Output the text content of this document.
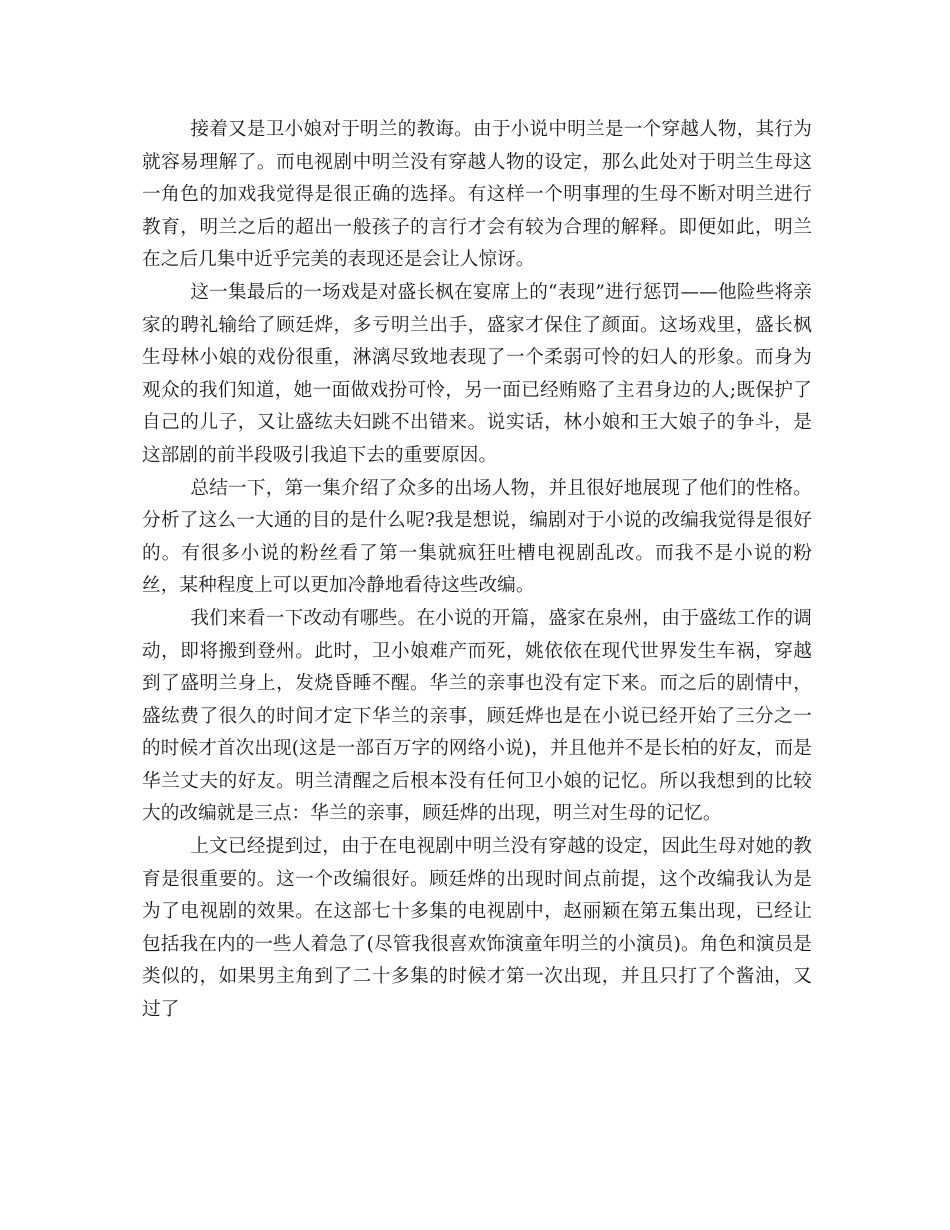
接着又是卫小娘对于明兰的教诲。由于小说中明兰是一个穿越人物，其行为就容易理解了。而电视剧中明兰没有穿越人物的设定，那么此处对于明兰生母这一角色的加戏我觉得是很正确的选择。有这样一个明事理的生母不断对明兰进行教育，明兰之后的超出一般孩子的言行才会有较为合理的解释。即便如此，明兰在之后几集中近乎完美的表现还是会让人惊讶。

这一集最后的一场戏是对盛长枫在宴席上的“表现”进行惩罚——他险些将亲家的聘礼输给了顾廷烨，多亏明兰出手，盛家才保住了颜面。这场戏里，盛长枫生母林小娘的戏份很重，淋漓尽致地表现了一个柔弱可怜的妇人的形象。而身为观众的我们知道，她一面做戏扮可怜，另一面已经贿赂了主君身边的人;既保护了自己的儿子，又让盛纮夫妇跳不出错来。说实话，林小娘和王大娘子的争斗，是这部剧的前半段吸引我追下去的重要原因。

总结一下，第一集介绍了众多的出场人物，并且很好地展现了他们的性格。分析了这么一大通的目的是什么呢?我是想说，编剧对于小说的改编我觉得是很好的。有很多小说的粉丝看了第一集就疯狂吐槽电视剧乱改。而我不是小说的粉丝，某种程度上可以更加冷静地看待这些改编。

我们来看一下改动有哪些。在小说的开篇，盛家在泉州，由于盛纮工作的调动，即将搬到登州。此时，卫小娘难产而死，姚依依在现代世界发生车祸，穿越到了盛明兰身上，发烧昏睡不醒。华兰的亲事也没有定下来。而之后的剧情中，盛纮费了很久的时间才定下华兰的亲事，顾廷烨也是在小说已经开始了三分之一的时候才首次出现(这是一部百万字的网络小说)，并且他并不是长柏的好友，而是华兰丈夫的好友。明兰清醒之后根本没有任何卫小娘的记忆。所以我想到的比较大的改编就是三点：华兰的亲事，顾廷烨的出现，明兰对生母的记忆。

上文已经提到过，由于在电视剧中明兰没有穿越的设定，因此生母对她的教育是很重要的。这一个改编很好。顾廷烨的出现时间点前提，这个改编我认为是为了电视剧的效果。在这部七十多集的电视剧中，赵丽颖在第五集出现，已经让包括我在内的一些人着急了(尽管我很喜欢饰演童年明兰的小演员)。角色和演员是类似的，如果男主角到了二十多集的时候才第一次出现，并且只打了个酱油，又过了
